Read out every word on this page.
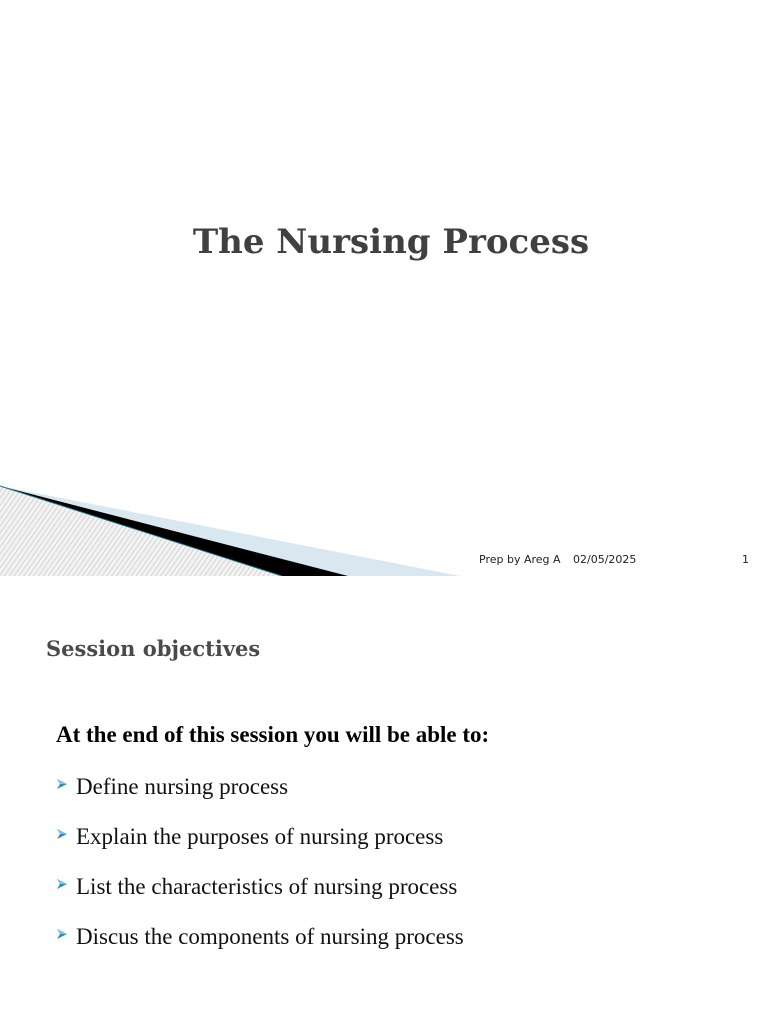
The Nursing Process
Prep by Areg A 02/05/2025	1
Session objectives

At the end of this session you will be able to:

Define nursing process
Explain the purposes of nursing process
List the characteristics of nursing process
Discus the components of nursing process
